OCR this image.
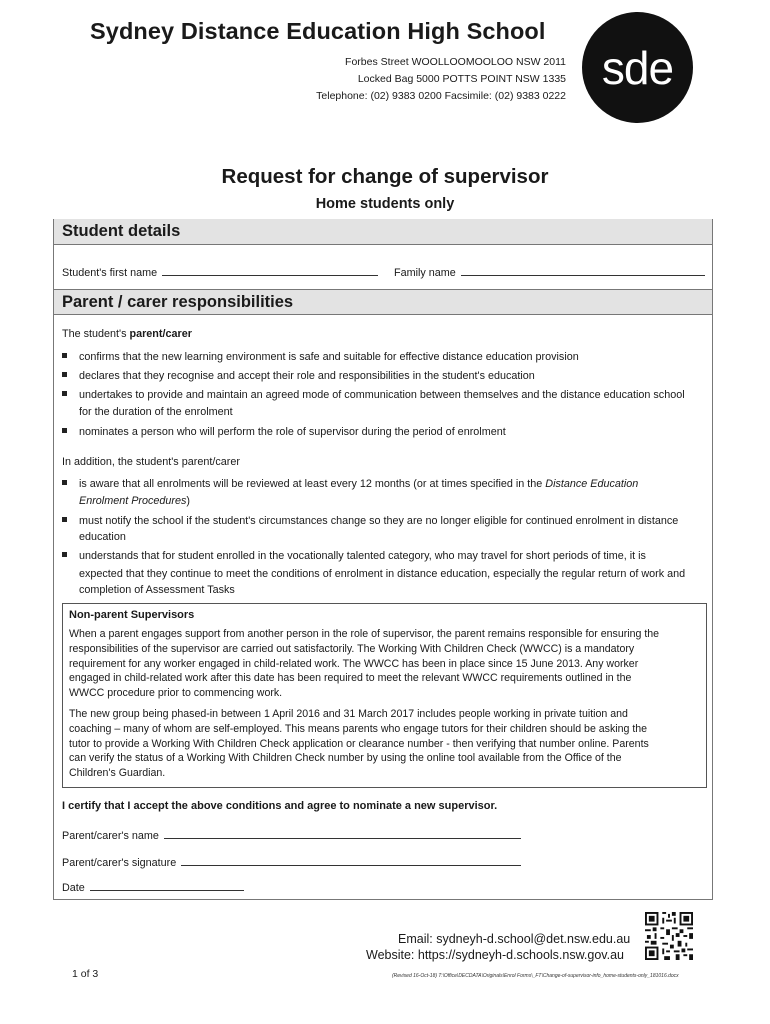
Sydney Distance Education High School
Forbes Street WOOLLOOMOOLOO NSW 2011
Locked Bag 5000 POTTS POINT NSW 1335
Telephone: (02) 9383 0200 Facsimile: (02) 9383 0222
sde
Request for change of supervisor
Home students only
Student details
Student's first name	Family name
Parent / carer responsibilities
The student's parent/carer
confirms that the new learning environment is safe and suitable for effective distance education provision
declares that they recognise and accept their role and responsibilities in the student's education
undertakes to provide and maintain an agreed mode of communication between themselves and the distance education school
for the duration of the enrolment
nominates a person who will perform the role of supervisor during the period of enrolment
In addition, the student's parent/carer
is aware that all enrolments will be reviewed at least every 12 months (or at times specified in the Distance Education
Enrolment Procedures)
must notify the school if the student's circumstances change so they are no longer eligible for continued enrolment in distance
education
understands that for student enrolled in the vocationally talented category, who may travel for short periods of time, it is
expected that they continue to meet the conditions of enrolment in distance education, especially the regular return of work and
completion of Assessment Tasks
Non-parent Supervisors
When a parent engages support from another person in the role of supervisor, the parent remains responsible for ensuring the
responsibilities of the supervisor are carried out satisfactorily. The Working With Children Check (WWCC) is a mandatory
requirement for any worker engaged in child-related work. The WWCC has been in place since 15 June 2013. Any worker
engaged in child-related work after this date has been required to meet the relevant WWCC requirements outlined in the
WWCC procedure prior to commencing work.
The new group being phased-in between 1 April 2016 and 31 March 2017 includes people working in private tuition and
coaching – many of whom are self-employed. This means parents who engage tutors for their children should be asking the
tutor to provide a Working With Children Check application or clearance number - then verifying that number online. Parents
can verify the status of a Working With Children Check number by using the online tool available from the Office of the
Children's Guardian.
I certify that I accept the above conditions and agree to nominate a new supervisor.
Parent/carer's name
Parent/carer's signature
Date
Email: sydneyh-d.school@det.nsw.edu.au
Website: https://sydneyh-d.schools.nsw.gov.au
1 of 3	(Revised 16-Oct-18) T:\Office\DECDATA\Originals\Enrol Forms\_FT\Change-of-supervisor-info_home-students-only_181016.docx
